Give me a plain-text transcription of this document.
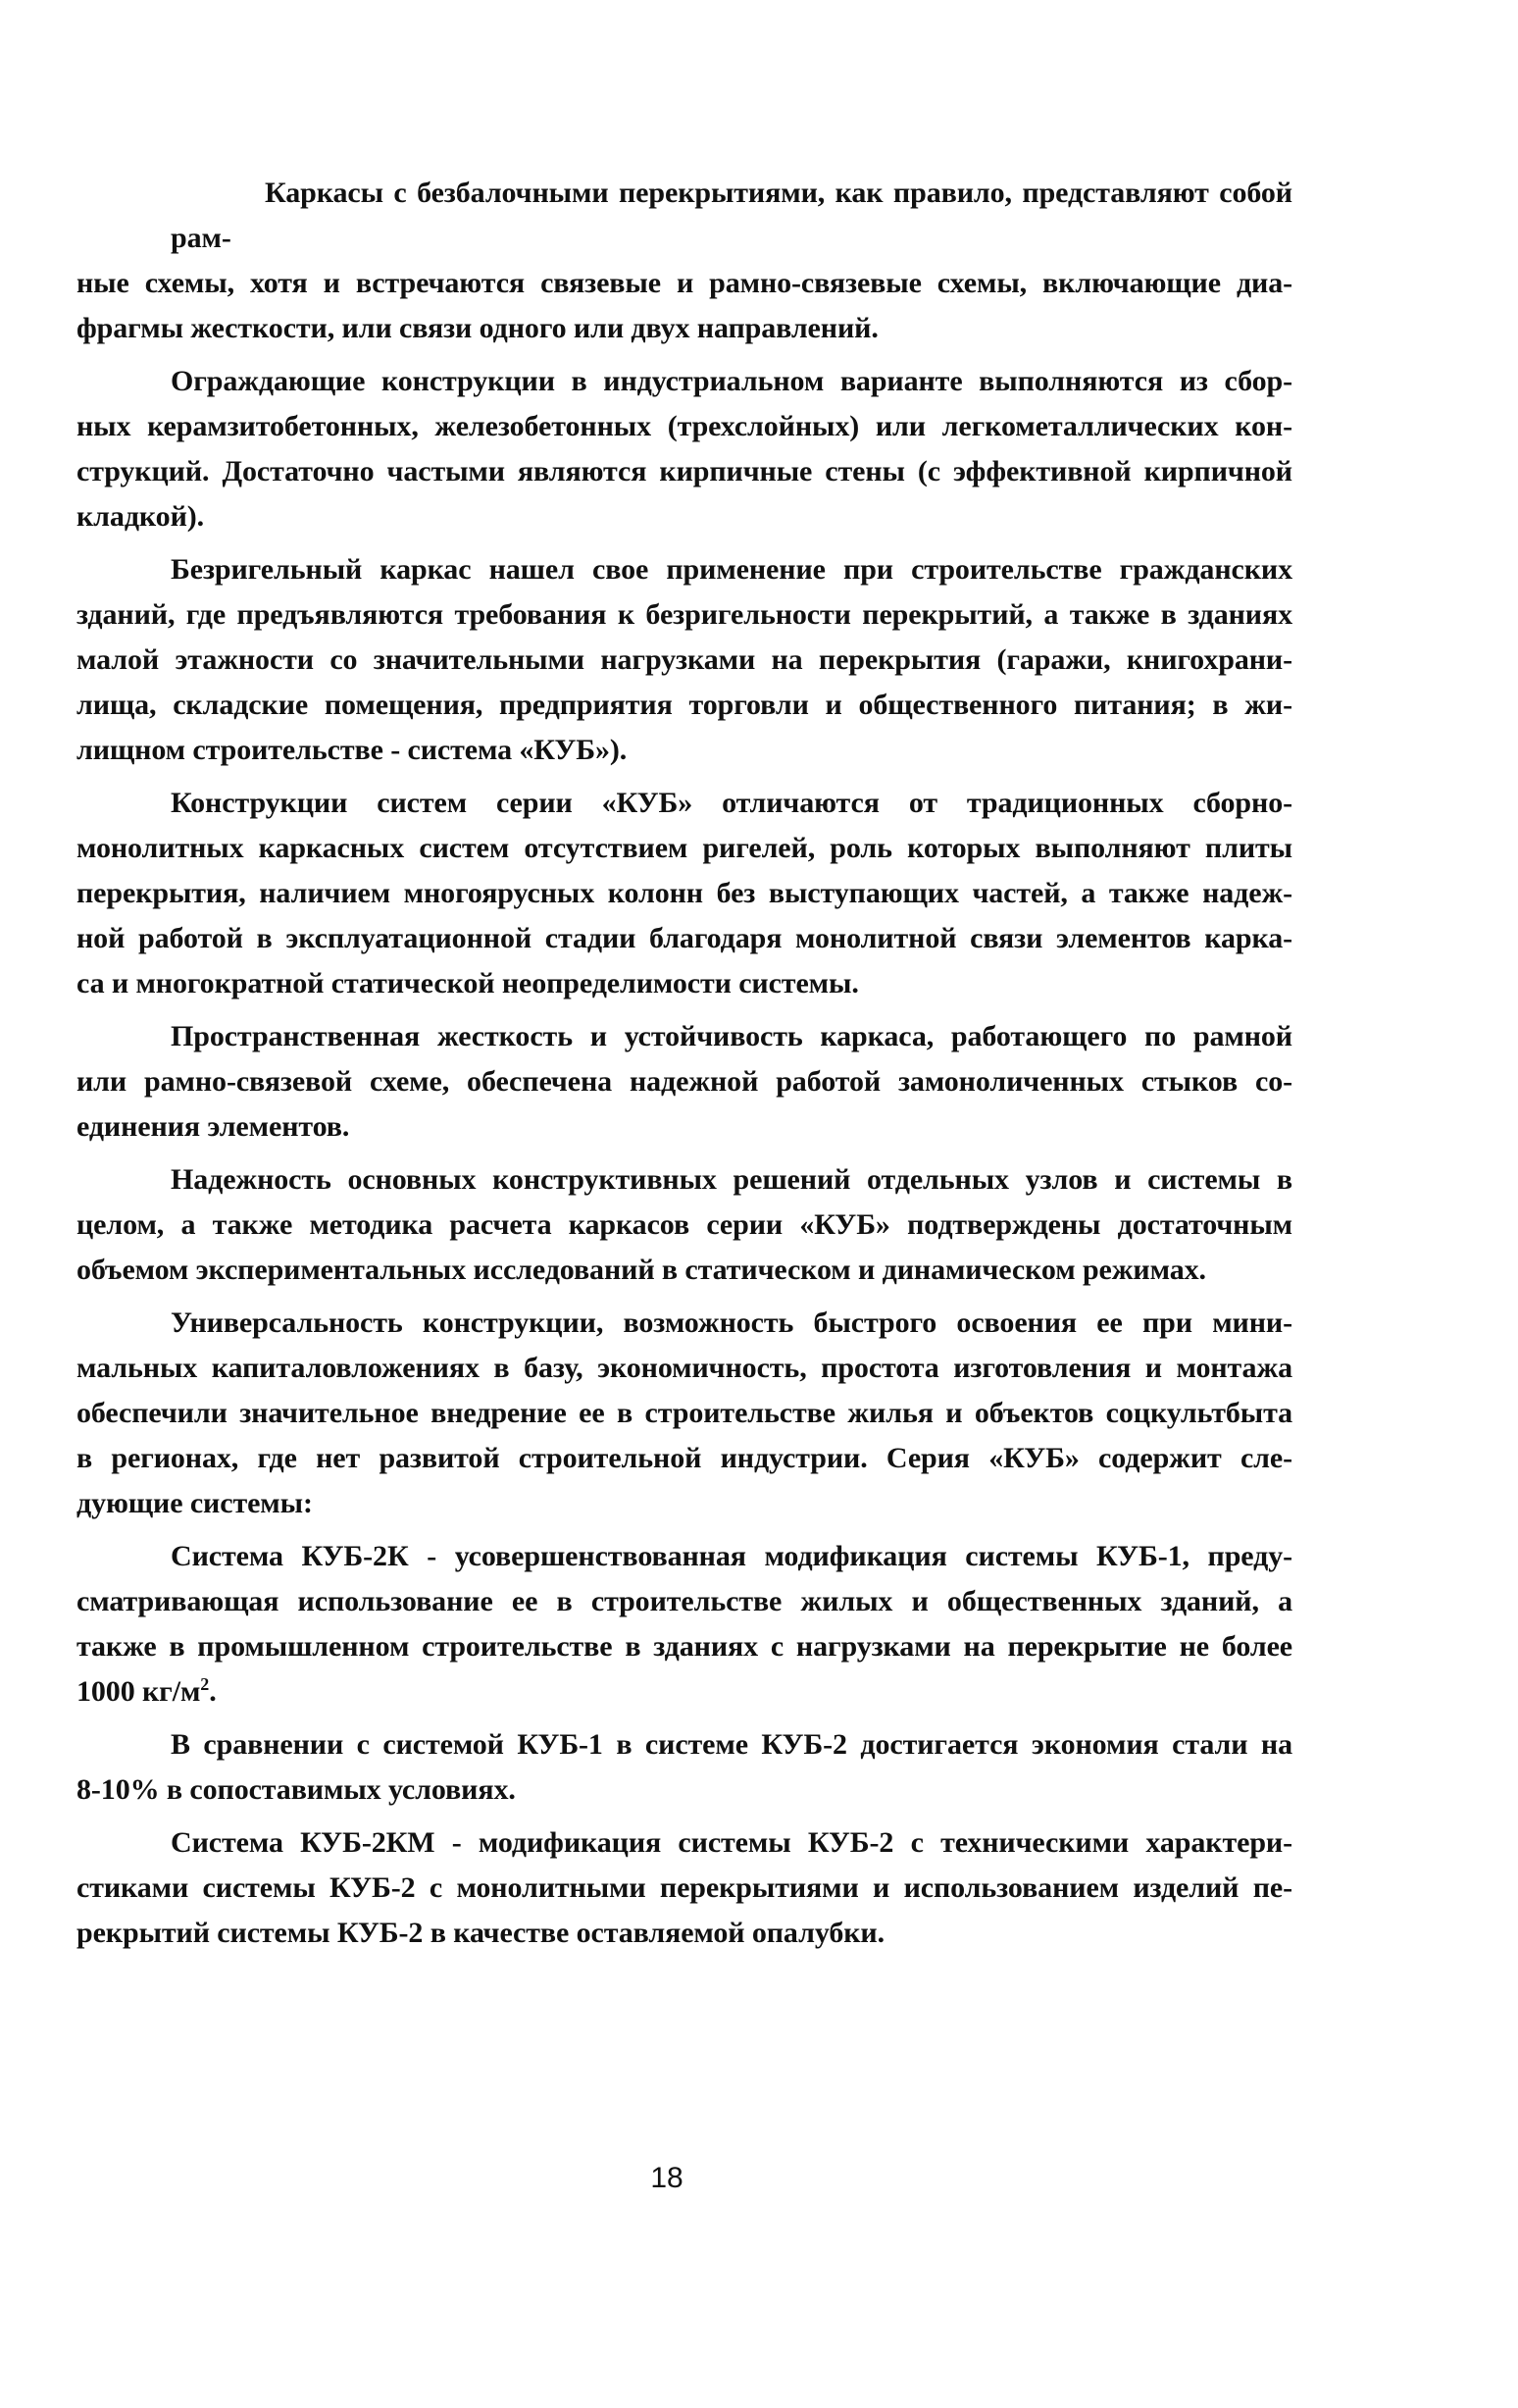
Каркасы с безбалочными перекрытиями, как правило, представляют собой рам-
ные схемы, хотя и встречаются связевые и рамно-связевые схемы, включающие диа-
фрагмы жесткости, или связи одного или двух направлений.
Ограждающие конструкции в индустриальном варианте выполняются из сбор-
ных керамзитобетонных, железобетонных (трехслойных) или легкометаллических кон-
струкций. Достаточно частыми являются кирпичные стены (с эффективной кирпичной
кладкой).
Безригельный каркас нашел свое применение при строительстве гражданских
зданий, где предъявляются требования к безригельности перекрытий, а также в зданиях
малой этажности со значительными нагрузками на перекрытия (гаражи, книгохрани-
лища, складские помещения, предприятия торговли и общественного питания; в жи-
лищном строительстве - система «КУБ»).
Конструкции систем серии «КУБ» отличаются от традиционных сборно-
монолитных каркасных систем отсутствием ригелей, роль которых выполняют плиты
перекрытия, наличием многоярусных колонн без выступающих частей, а также надеж-
ной работой в эксплуатационной стадии благодаря монолитной связи элементов карка-
са и многократной статической неопределимости системы.
Пространственная жесткость и устойчивость каркаса, работающего по рамной
или рамно-связевой схеме, обеспечена надежной работой замоноличенных стыков со-
единения элементов.
Надежность основных конструктивных решений отдельных узлов и системы в
целом, а также методика расчета каркасов серии «КУБ» подтверждены достаточным
объемом экспериментальных исследований в статическом и динамическом режимах.
Универсальность конструкции, возможность быстрого освоения ее при мини-
мальных капиталовложениях в базу, экономичность, простота изготовления и монтажа
обеспечили значительное внедрение ее в строительстве жилья и объектов соцкультбыта
в регионах, где нет развитой строительной индустрии. Серия «КУБ» содержит сле-
дующие системы:
Система КУБ-2К - усовершенствованная модификация системы КУБ-1, преду-
сматривающая использование ее в строительстве жилых и общественных зданий, а
также в промышленном строительстве в зданиях с нагрузками на перекрытие не более
1000 $кг/м^2$.
В сравнении с системой КУБ-1 в системе КУБ-2 достигается экономия стали на
8-10% в сопоставимых условиях.
Система КУБ-2КМ - модификация системы КУБ-2 с техническими характери-
стиками системы КУБ-2 с монолитными перекрытиями и использованием изделий пе-
рекрытий системы КУБ-2 в качестве оставляемой опалубки.
18
